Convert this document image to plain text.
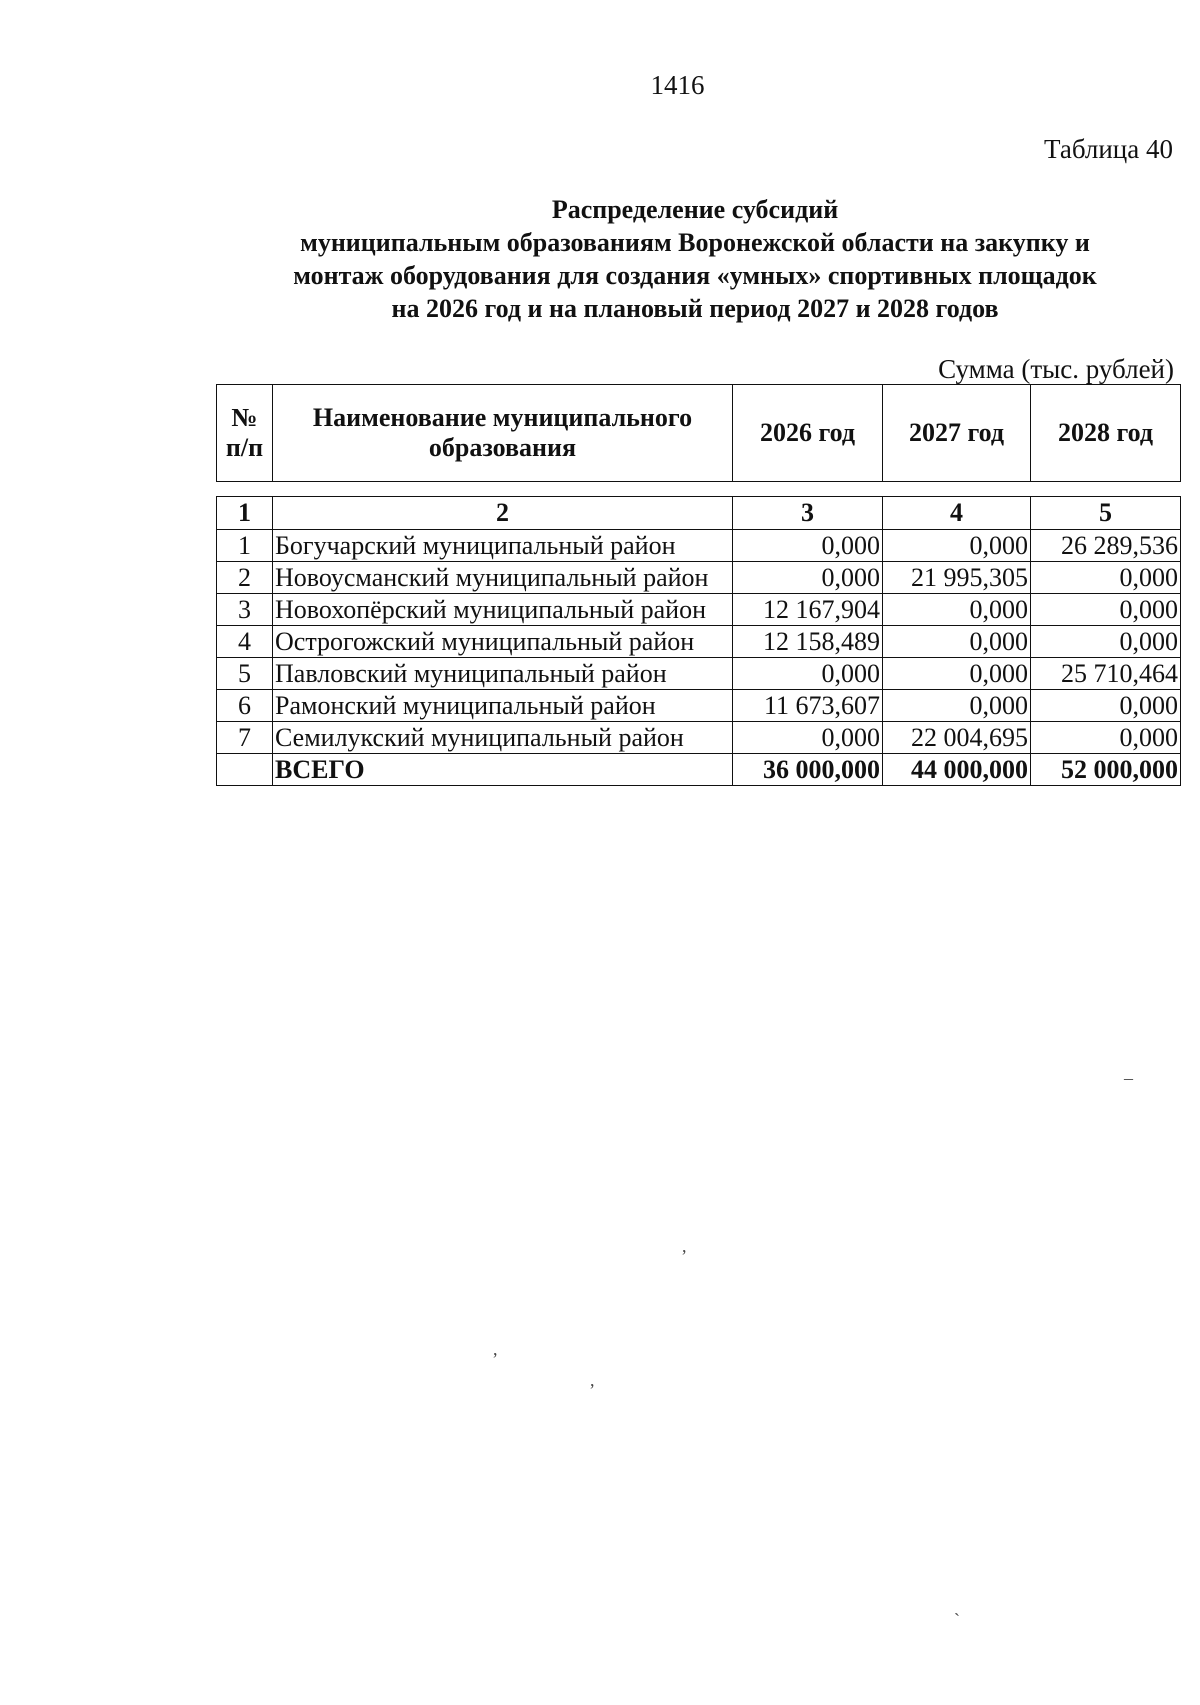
1416
Таблица 40
Распределение субсидий
муниципальным образованиям Воронежской области на закупку и
монтаж оборудования для создания «умных» спортивных площадок
на 2026 год и на плановый период 2027 и 2028 годов
Сумма (тыс. рублей)
№ п/п	Наименование муниципального образования	2026 год	2027 год	2028 год
1	2	3	4	5
1	Богучарский муниципальный район	0,000	0,000	26 289,536
2	Новоусманский муниципальный район	0,000	21 995,305	0,000
3	Новохопёрский муниципальный район	12 167,904	0,000	0,000
4	Острогожский муниципальный район	12 158,489	0,000	0,000
5	Павловский муниципальный район	0,000	0,000	25 710,464
6	Рамонский муниципальный район	11 673,607	0,000	0,000
7	Семилукский муниципальный район	0,000	22 004,695	0,000
	ВСЕГО	36 000,000	44 000,000	52 000,000
–
,
,
,
ˋ
